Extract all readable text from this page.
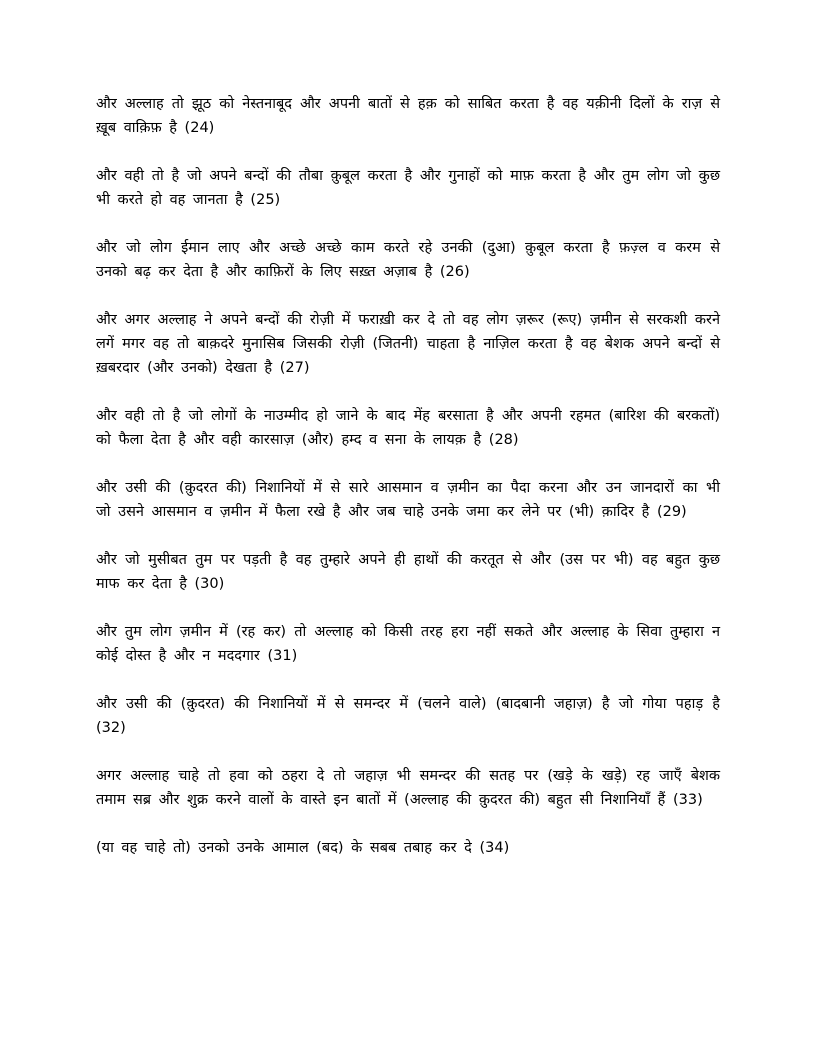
और अल्लाह तो झूठ को नेस्तनाबूद और अपनी बातों से हक़ को साबित करता है वह यक़ीनी दिलों के राज़ से ख़ूब वाक़िफ़ है (24)

और वही तो है जो अपने बन्दों की तौबा क़ुबूल करता है और गुनाहों को माफ़ करता है और तुम लोग जो कुछ भी करते हो वह जानता है (25)

और जो लोग ईमान लाए और अच्छे अच्छे काम करते रहे उनकी (दुआ) क़ुबूल करता है फ़ज़्ल व करम से उनको बढ़ कर देता है और काफ़िरों के लिए सख़्त अज़ाब है (26)

और अगर अल्लाह ने अपने बन्दों की रोज़ी में फराख़ी कर दे तो वह लोग ज़रूर (रूए) ज़मीन से सरकशी करने लगें मगर वह तो बाक़दरे मुनासिब जिसकी रोज़ी (जितनी) चाहता है नाज़िल करता है वह बेशक अपने बन्दों से ख़बरदार (और उनको) देखता है (27)

और वही तो है जो लोगों के नाउम्मीद हो जाने के बाद मेंह बरसाता है और अपनी रहमत (बारिश की बरकतों) को फैला देता है और वही कारसाज़ (और) हम्द व सना के लायक़ है (28)

और उसी की (क़ुदरत की) निशानियों में से सारे आसमान व ज़मीन का पैदा करना और उन जानदारों का भी जो उसने आसमान व ज़मीन में फैला रखे है और जब चाहे उनके जमा कर लेने पर (भी) क़ादिर है (29)

और जो मुसीबत तुम पर पड़ती है वह तुम्हारे अपने ही हाथों की करतूत से और (उस पर भी) वह बहुत कुछ माफ कर देता है (30)

और तुम लोग ज़मीन में (रह कर) तो अल्लाह को किसी तरह हरा नहीं सकते और अल्लाह के सिवा तुम्हारा न कोई दोस्त है और न मददगार (31)

और उसी की (क़ुदरत) की निशानियों में से समन्दर में (चलने वाले) (बादबानी जहाज़) है जो गोया पहाड़ है (32)

अगर अल्लाह चाहे तो हवा को ठहरा दे तो जहाज़ भी समन्दर की सतह पर (खड़े के खड़े) रह जाएँ बेशक तमाम सब्र और शुक्र करने वालों के वास्ते इन बातों में (अल्लाह की क़ुदरत की) बहुत सी निशानियाँ हैं (33)

(या वह चाहे तो) उनको उनके आमाल (बद) के सबब तबाह कर दे (34)
